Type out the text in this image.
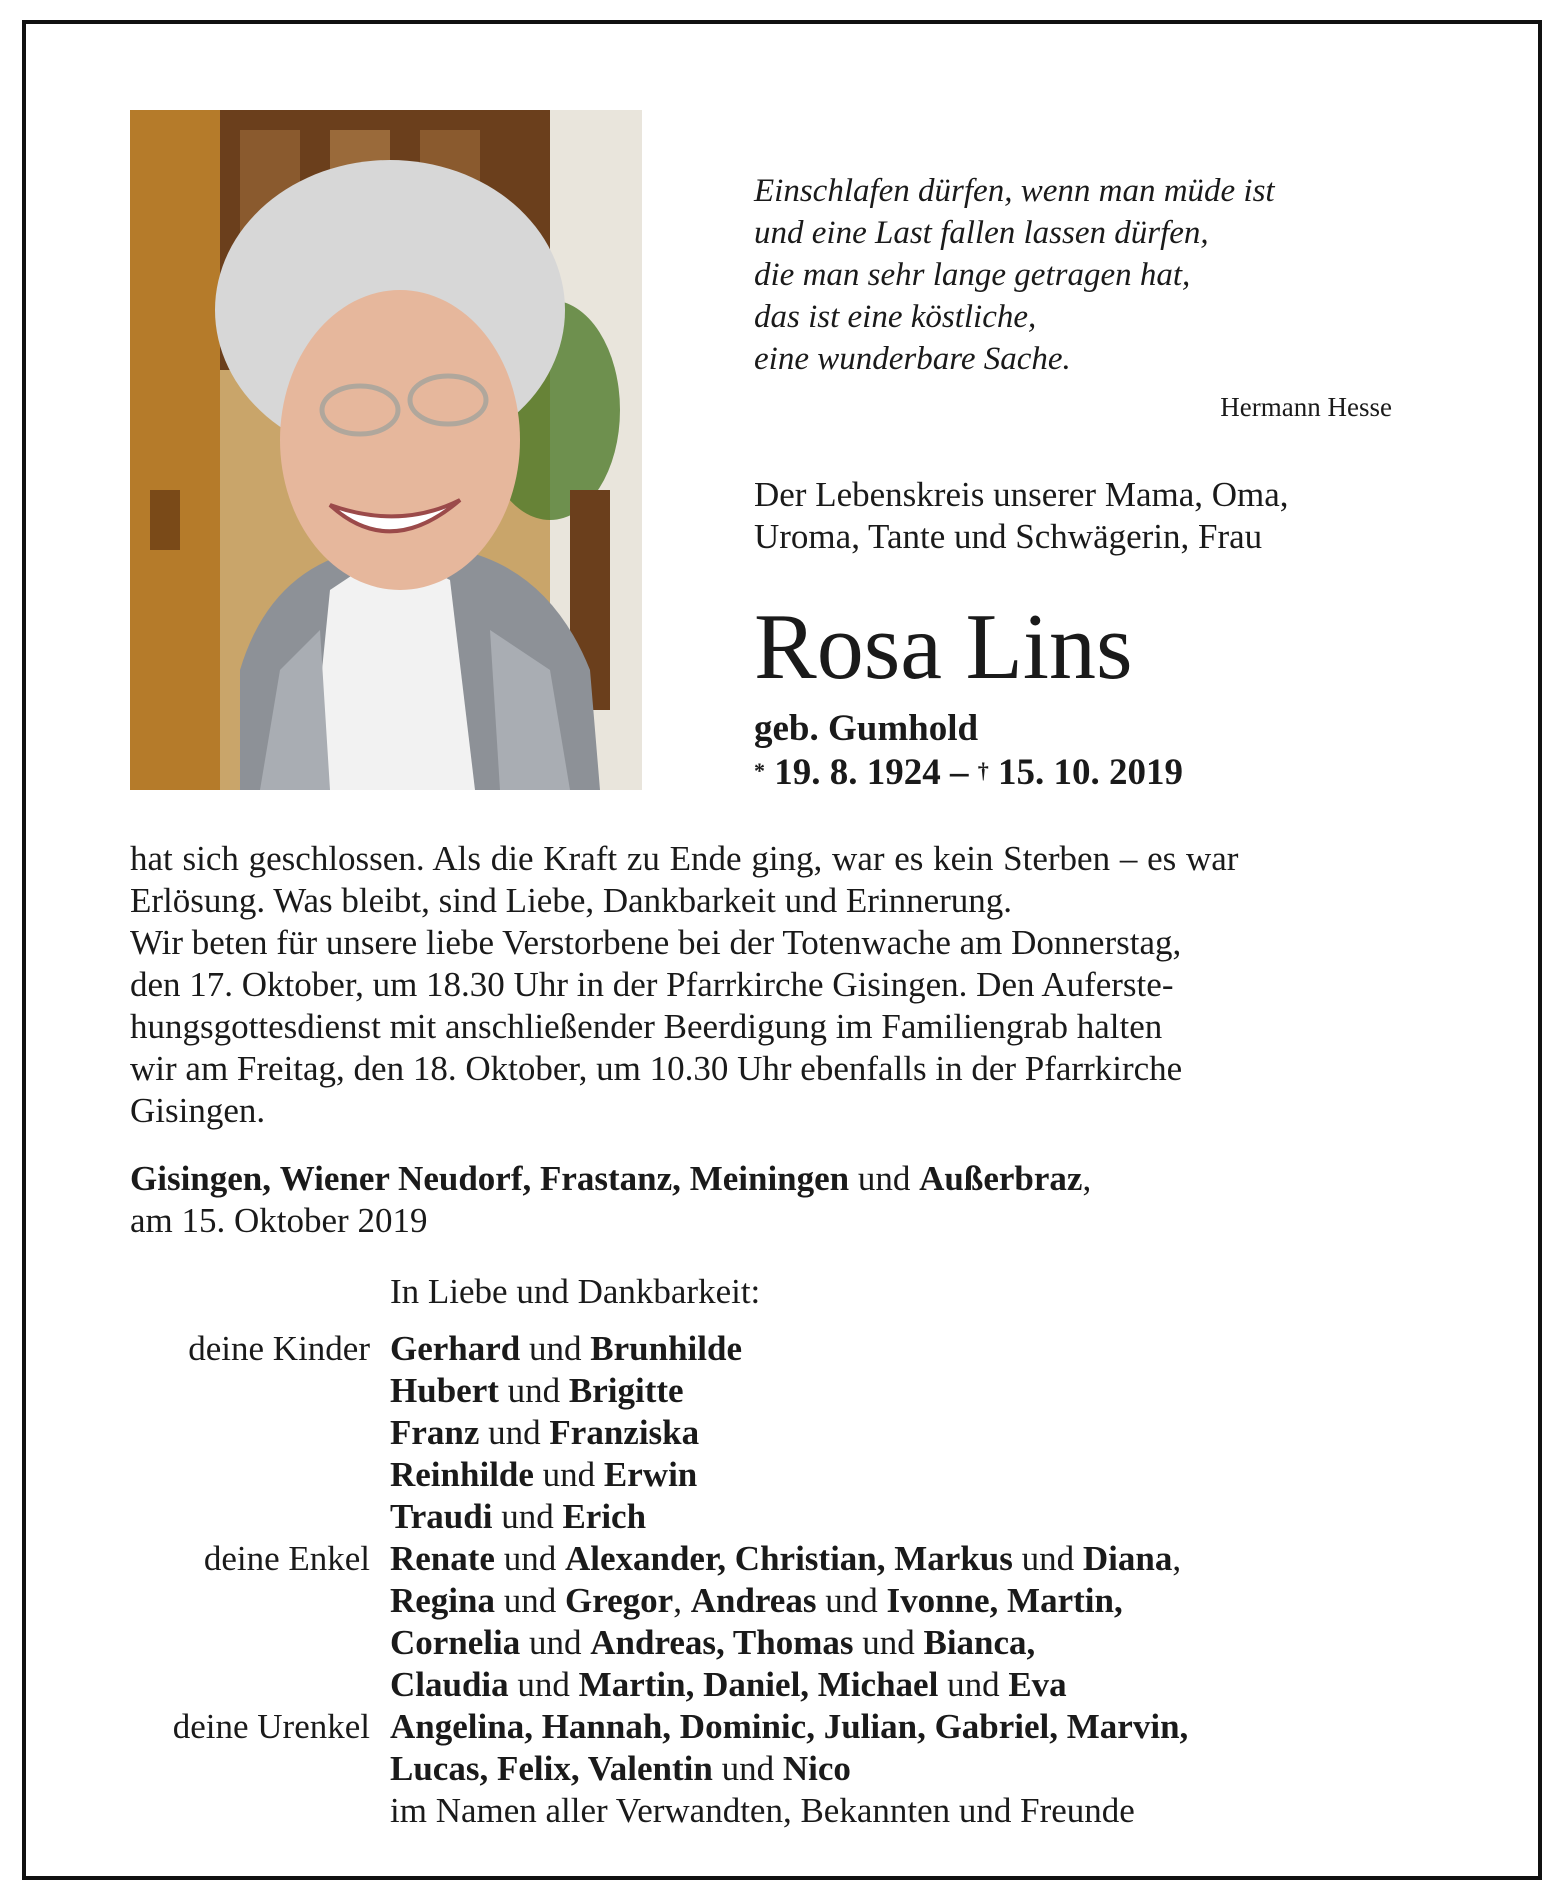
Einschlafen dürfen, wenn man müde ist
und eine Last fallen lassen dürfen,
die man sehr lange getragen hat,
das ist eine köstliche,
eine wunderbare Sache.
Hermann Hesse
Der Lebenskreis unserer Mama, Oma,
Uroma, Tante und Schwägerin, Frau
Rosa Lins
geb. Gumhold
* 19. 8. 1924 – † 15. 10. 2019
hat sich geschlossen. Als die Kraft zu Ende ging, war es kein Sterben – es war
Erlösung. Was bleibt, sind Liebe, Dankbarkeit und Erinnerung.
Wir beten für unsere liebe Verstorbene bei der Totenwache am Donnerstag,
den 17. Oktober, um 18.30 Uhr in der Pfarrkirche Gisingen. Den Auferste-
hungsgottesdienst mit anschließender Beerdigung im Familiengrab halten
wir am Freitag, den 18. Oktober, um 10.30 Uhr ebenfalls in der Pfarrkirche
Gisingen.
Gisingen, Wiener Neudorf, Frastanz, Meiningen und Außerbraz,
am 15. Oktober 2019
In Liebe und Dankbarkeit:
deine Kinder Gerhard und Brunhilde
Hubert und Brigitte
Franz und Franziska
Reinhilde und Erwin
Traudi und Erich
deine Enkel Renate und Alexander, Christian, Markus und Diana,
Regina und Gregor, Andreas und Ivonne, Martin,
Cornelia und Andreas, Thomas und Bianca,
Claudia und Martin, Daniel, Michael und Eva
deine Urenkel Angelina, Hannah, Dominic, Julian, Gabriel, Marvin,
Lucas, Felix, Valentin und Nico
im Namen aller Verwandten, Bekannten und Freunde
